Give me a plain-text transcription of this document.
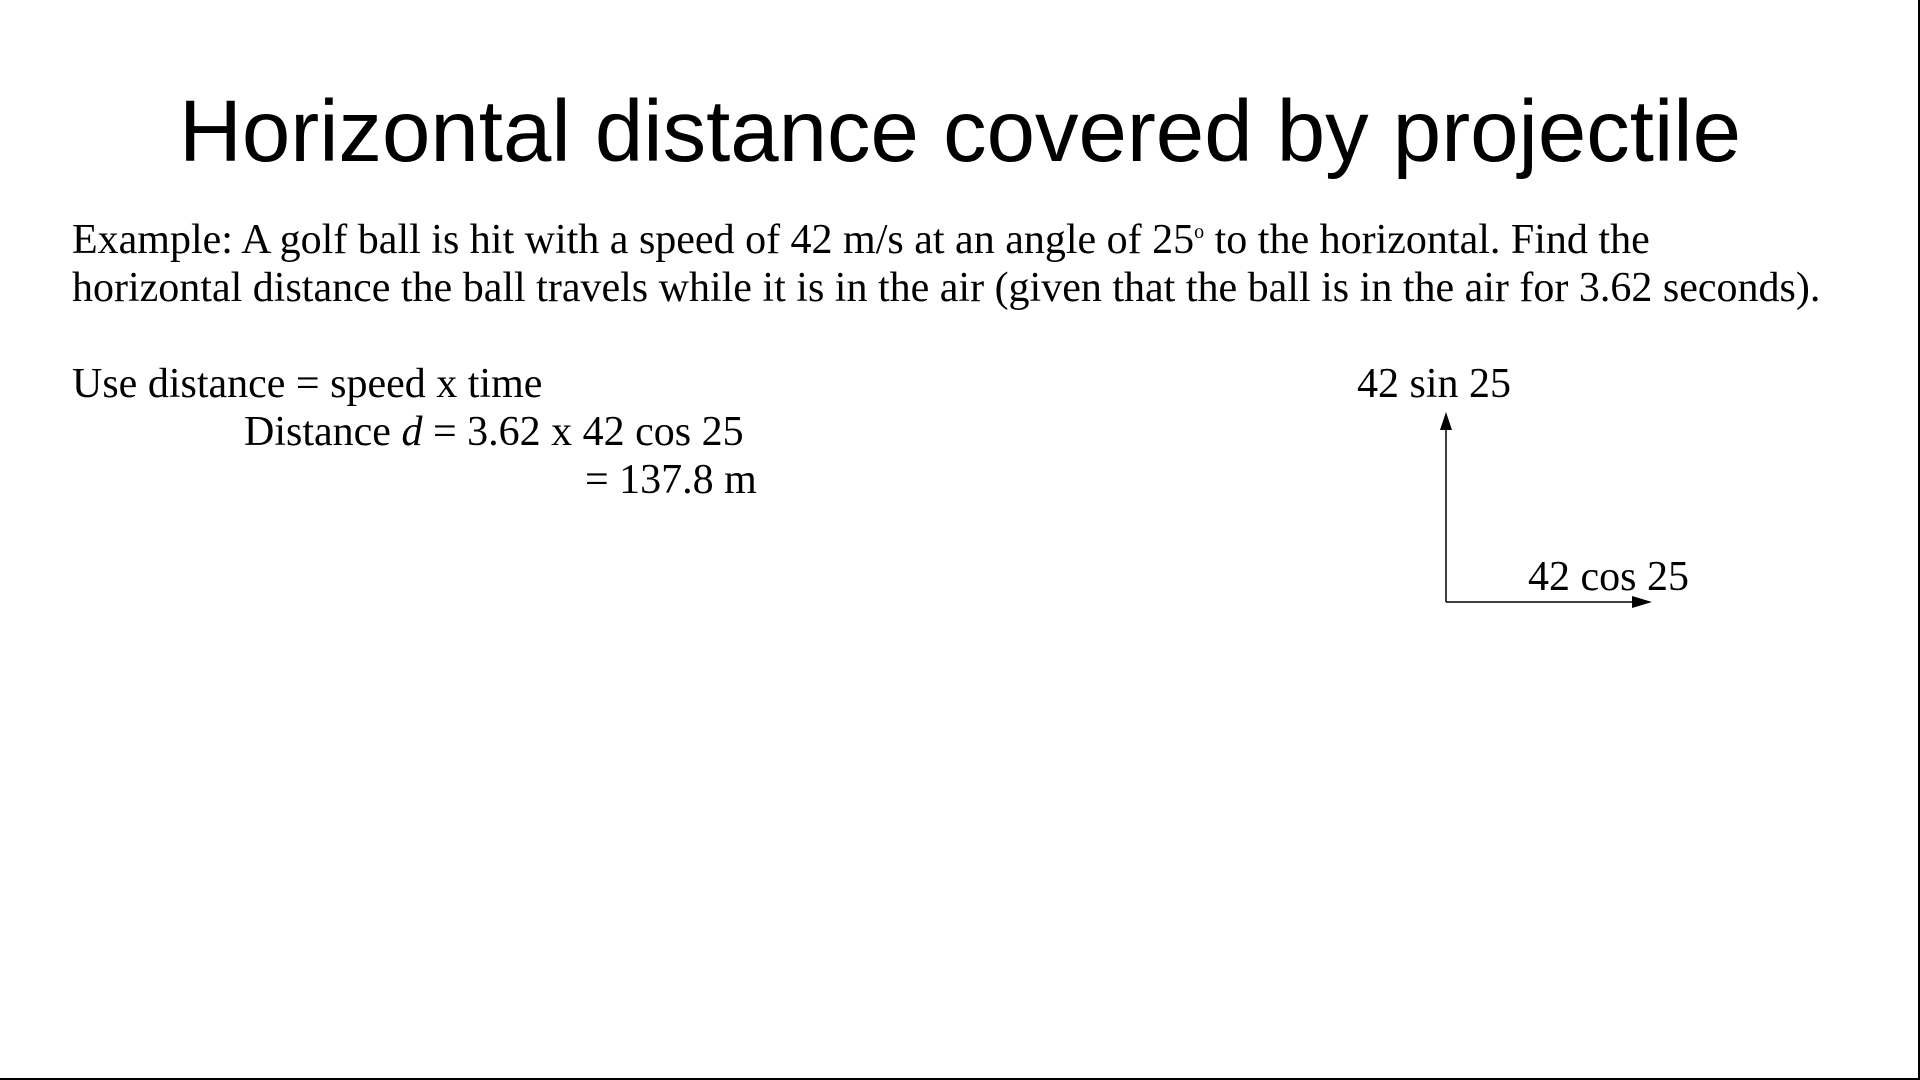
Horizontal distance covered by projectile
Example: A golf ball is hit with a speed of 42 m/s at an angle of 25$^o$ to the horizontal. Find the
horizontal distance the ball travels while it is in the air (given that the ball is in the air for 3.62 seconds).
Use distance = speed x time
Distance d = 3.62 x 42 cos 25
= 137.8 m
42 sin 25
42 cos 25
